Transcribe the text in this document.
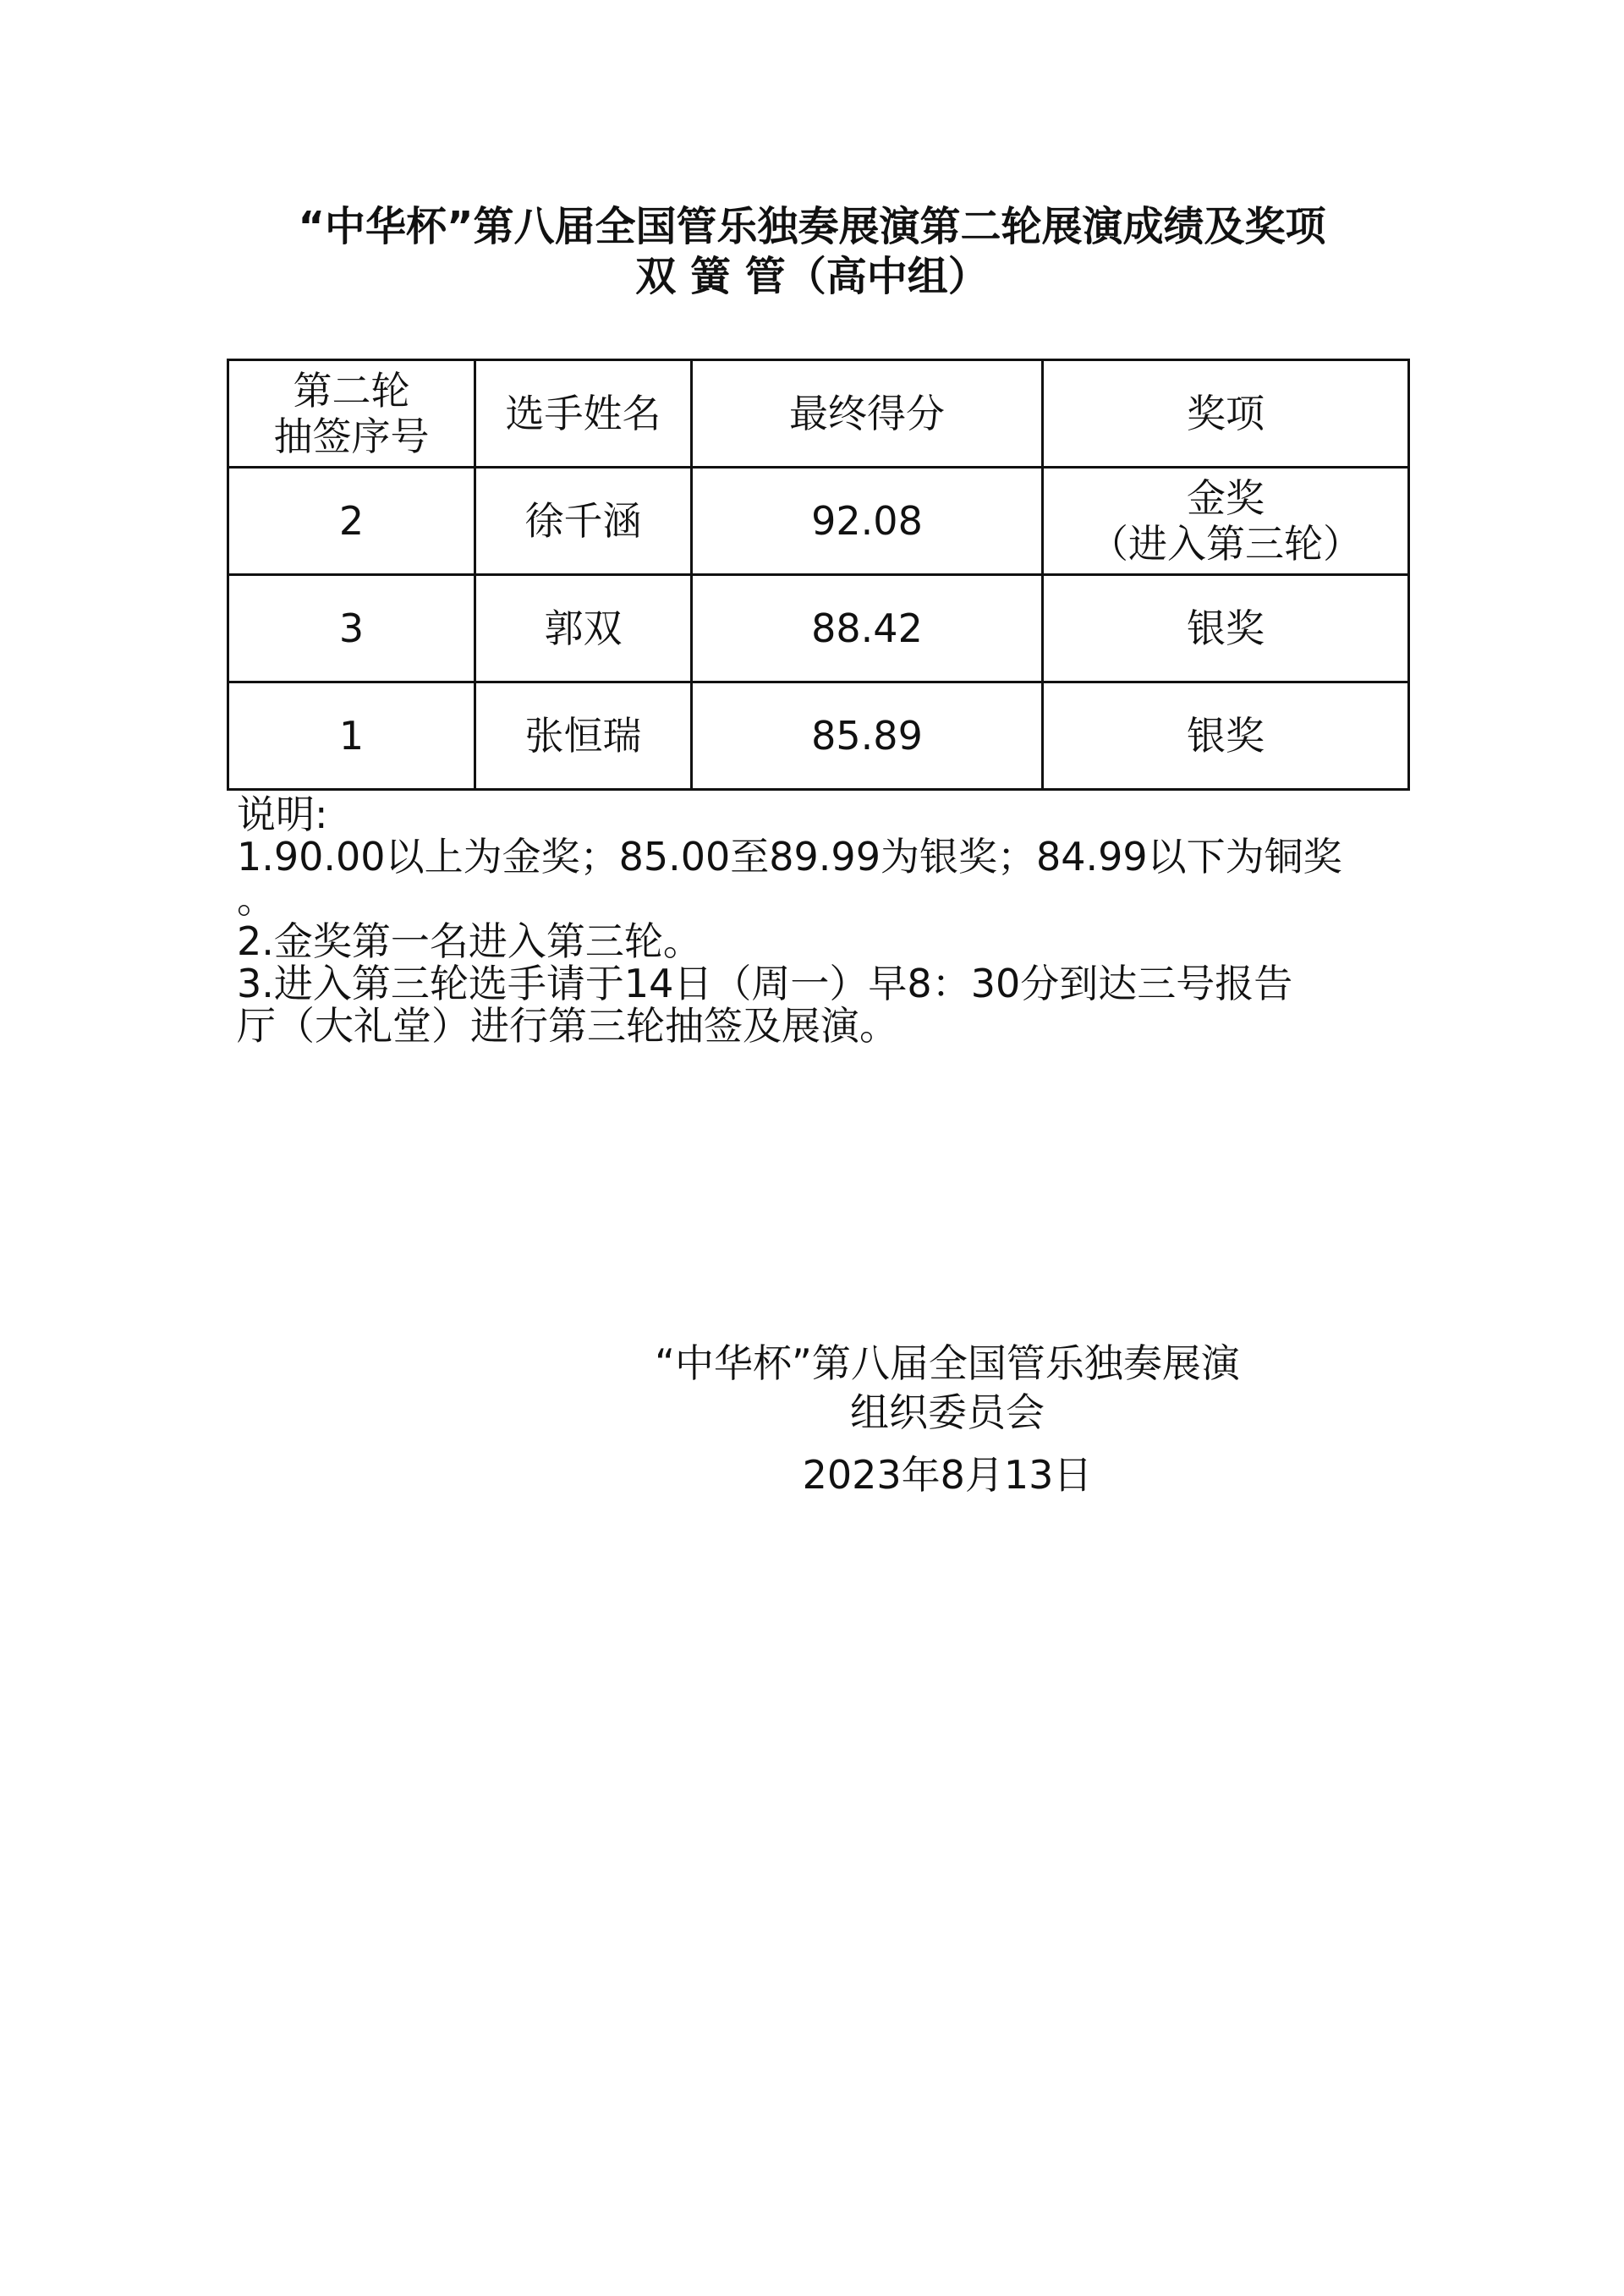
“中华杯”第八届全国管乐独奏展演第二轮展演成绩及奖项
双 簧 管（高中组）
第二轮
抽签序号	选手姓名	最终得分	奖项
2	徐千涵	92.08	金奖
（进入第三轮）

3	郭双	88.42	银奖
1	张恒瑞	85.89	银奖
说明:
1.90.00以上为金奖；85.00至89.99为银奖；84.99以下为铜奖
。
2.金奖第一名进入第三轮。
3.进入第三轮选手请于14日（周一）早8：30分到达三号报告
厅（大礼堂）进行第三轮抽签及展演。
“中华杯”第八届全国管乐独奏展演
组织委员会
2023年8月13日
